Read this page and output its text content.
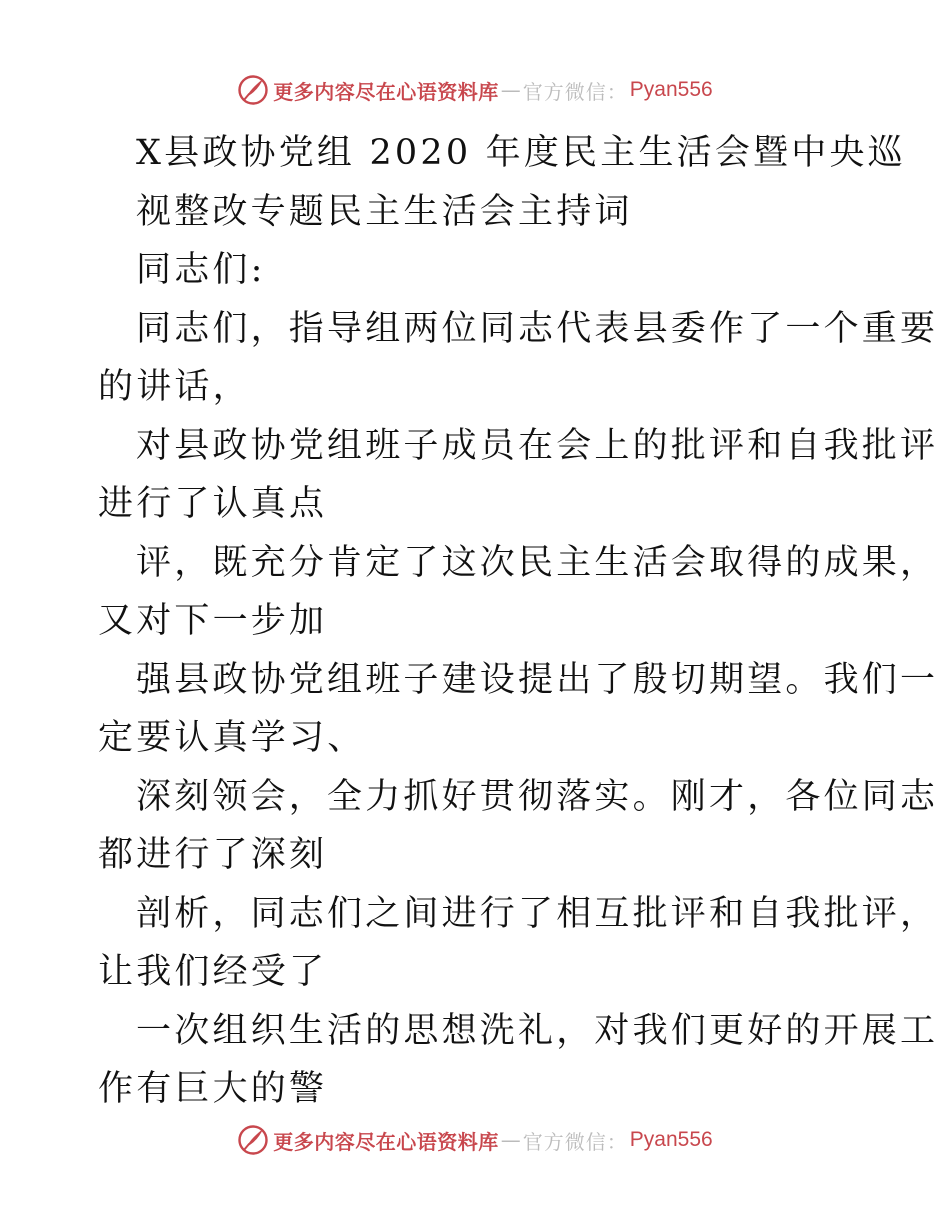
更多内容尽在心语资料库 — 官方微信： Pyan556
X县政协党组 2020 年度民主生活会暨中央巡
视整改专题民主生活会主持词
同志们:
同志们，指导组两位同志代表县委作了一个重要
的讲话，
对县政协党组班子成员在会上的批评和自我批评
进行了认真点
评，既充分肯定了这次民主生活会取得的成果，
又对下一步加
强县政协党组班子建设提出了殷切期望。我们一
定要认真学习、
深刻领会，全力抓好贯彻落实。刚才，各位同志
都进行了深刻
剖析，同志们之间进行了相互批评和自我批评，
让我们经受了
一次组织生活的思想洗礼，对我们更好的开展工
作有巨大的警
更多内容尽在心语资料库 — 官方微信： Pyan556
